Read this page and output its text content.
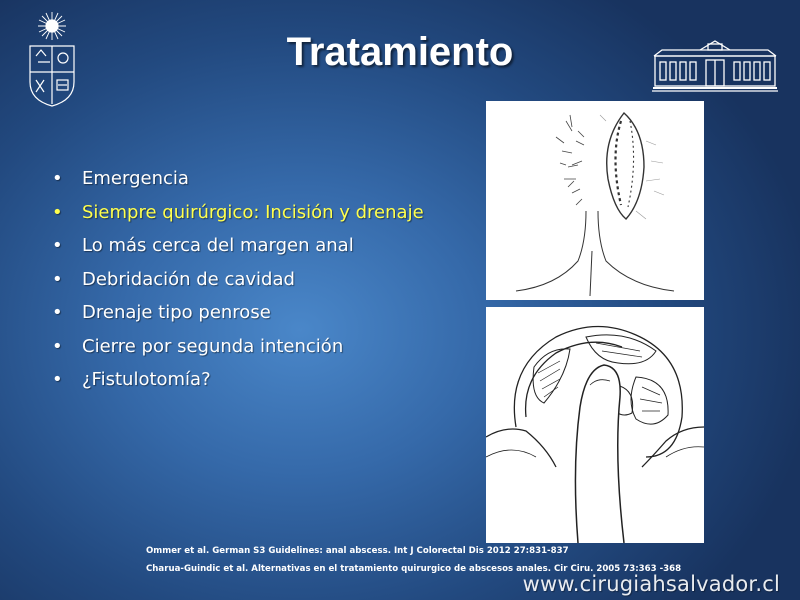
Tratamiento
• Emergencia
• Siempre quirúrgico: Incisión y drenaje
• Lo más cerca del margen anal
• Debridación de cavidad
• Drenaje tipo penrose
• Cierre por segunda intención
• ¿Fistulotomía?
Ommer et al. German S3 Guidelines: anal abscess. Int J Colorectal Dis 2012 27:831-837
Charua-Guindic et al. Alternativas en el tratamiento quirurgico de abscesos anales. Cir Ciru. 2005 73:363 -368
www.cirugiahsalvador.cl
